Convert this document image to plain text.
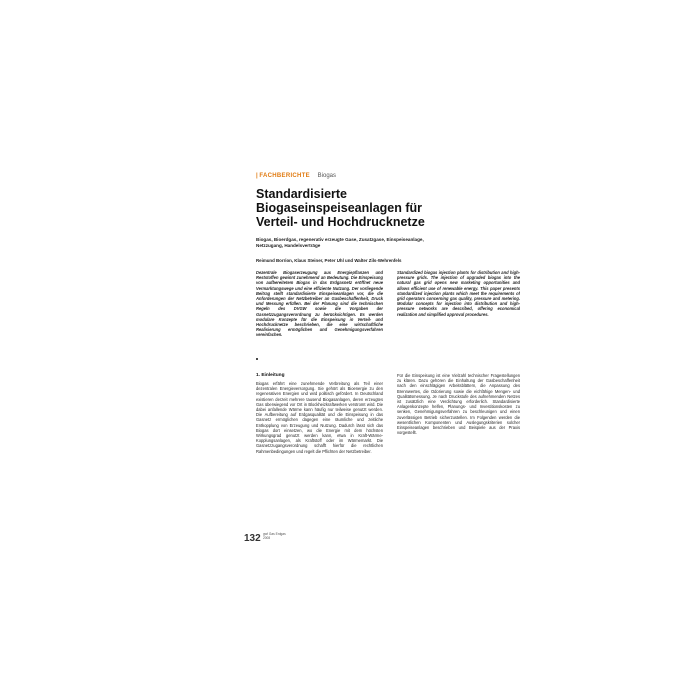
| FACHBERICHTE Biogas
Standardisierte Biogaseinspeiseanlagen für Verteil- und Hochdrucknetze
Biogas, Bioerdgas, regenerativ erzeugte Gase, Zusatzgase, Einspeiseanlage, Netzzugang, Handelsverträge
Reimund Borrion, Klaus Steiner, Peter Uhl und Walter Zils-Wehrenfels
Dezentrale Biogaserzeugung aus Energiepflanzen und Reststoffen gewinnt zunehmend an Bedeutung. Die Einspeisung von aufbereitetem Biogas in das Erdgasnetz eröffnet neue Vermarktungswege und eine effiziente Nutzung. Der vorliegende Beitrag stellt standardisierte Einspeiseanlagen vor, die die Anforderungen der Netzbetreiber an Gasbeschaffenheit, Druck und Messung erfüllen. Bei der Planung sind die technischen Regeln des DVGW sowie die Vorgaben der Gasnetzzugangsverordnung zu berücksichtigen. Es werden modulare Konzepte für die Einspeisung in Verteil- und Hochdrucknetze beschrieben, die eine wirtschaftliche Realisierung ermöglichen und Genehmigungsverfahren vereinfachen.
Standardized biogas injection plants for distribution and high-pressure grids. The injection of upgraded biogas into the natural gas grid opens new marketing opportunities and allows efficient use of renewable energy. This paper presents standardized injection plants which meet the requirements of grid operators concerning gas quality, pressure and metering. Modular concepts for injection into distribution and high-pressure networks are described, offering economical realization and simplified approval procedures.
1. Einleitung
Biogas erfährt eine zunehmende Verbreitung als Teil einer dezentralen Energieversorgung. Sie gehört als Bioenergie zu den regenerativen Energien und wird politisch gefördert. In Deutschland existieren derzeit mehrere tausend Biogasanlagen, deren erzeugtes Gas überwiegend vor Ort in Blockheizkraftwerken verstromt wird. Die dabei anfallende Wärme kann häufig nur teilweise genutzt werden. Die Aufbereitung auf Erdgasqualität und die Einspeisung in das Gasnetz ermöglichen dagegen eine räumliche und zeitliche Entkopplung von Erzeugung und Nutzung. Dadurch lässt sich das Biogas dort einsetzen, wo die Energie mit dem höchsten Wirkungsgrad genutzt werden kann, etwa in Kraft-Wärme-Kopplungsanlagen, als Kraftstoff oder im Wärmemarkt. Die Gasnetzzugangsverordnung schafft hierfür die rechtlichen Rahmenbedingungen und regelt die Pflichten der Netzbetreiber.
Für die Einspeisung ist eine Vielzahl technischer Fragestellungen zu klären. Dazu gehören die Einhaltung der Gasbeschaffenheit nach den einschlägigen Arbeitsblättern, die Anpassung des Brennwertes, die Odorierung sowie die eichfähige Mengen- und Qualitätsmessung. Je nach Druckstufe des aufnehmenden Netzes ist zusätzlich eine Verdichtung erforderlich. Standardisierte Anlagenkonzepte helfen, Planungs- und Investitionskosten zu senken, Genehmigungsverfahren zu beschleunigen und einen zuverlässigen Betrieb sicherzustellen. Im Folgenden werden die wesentlichen Komponenten und Auslegungskriterien solcher Einspeiseanlagen beschrieben und Beispiele aus der Praxis vorgestellt.
132 gwf Gas Erdgas
2008
